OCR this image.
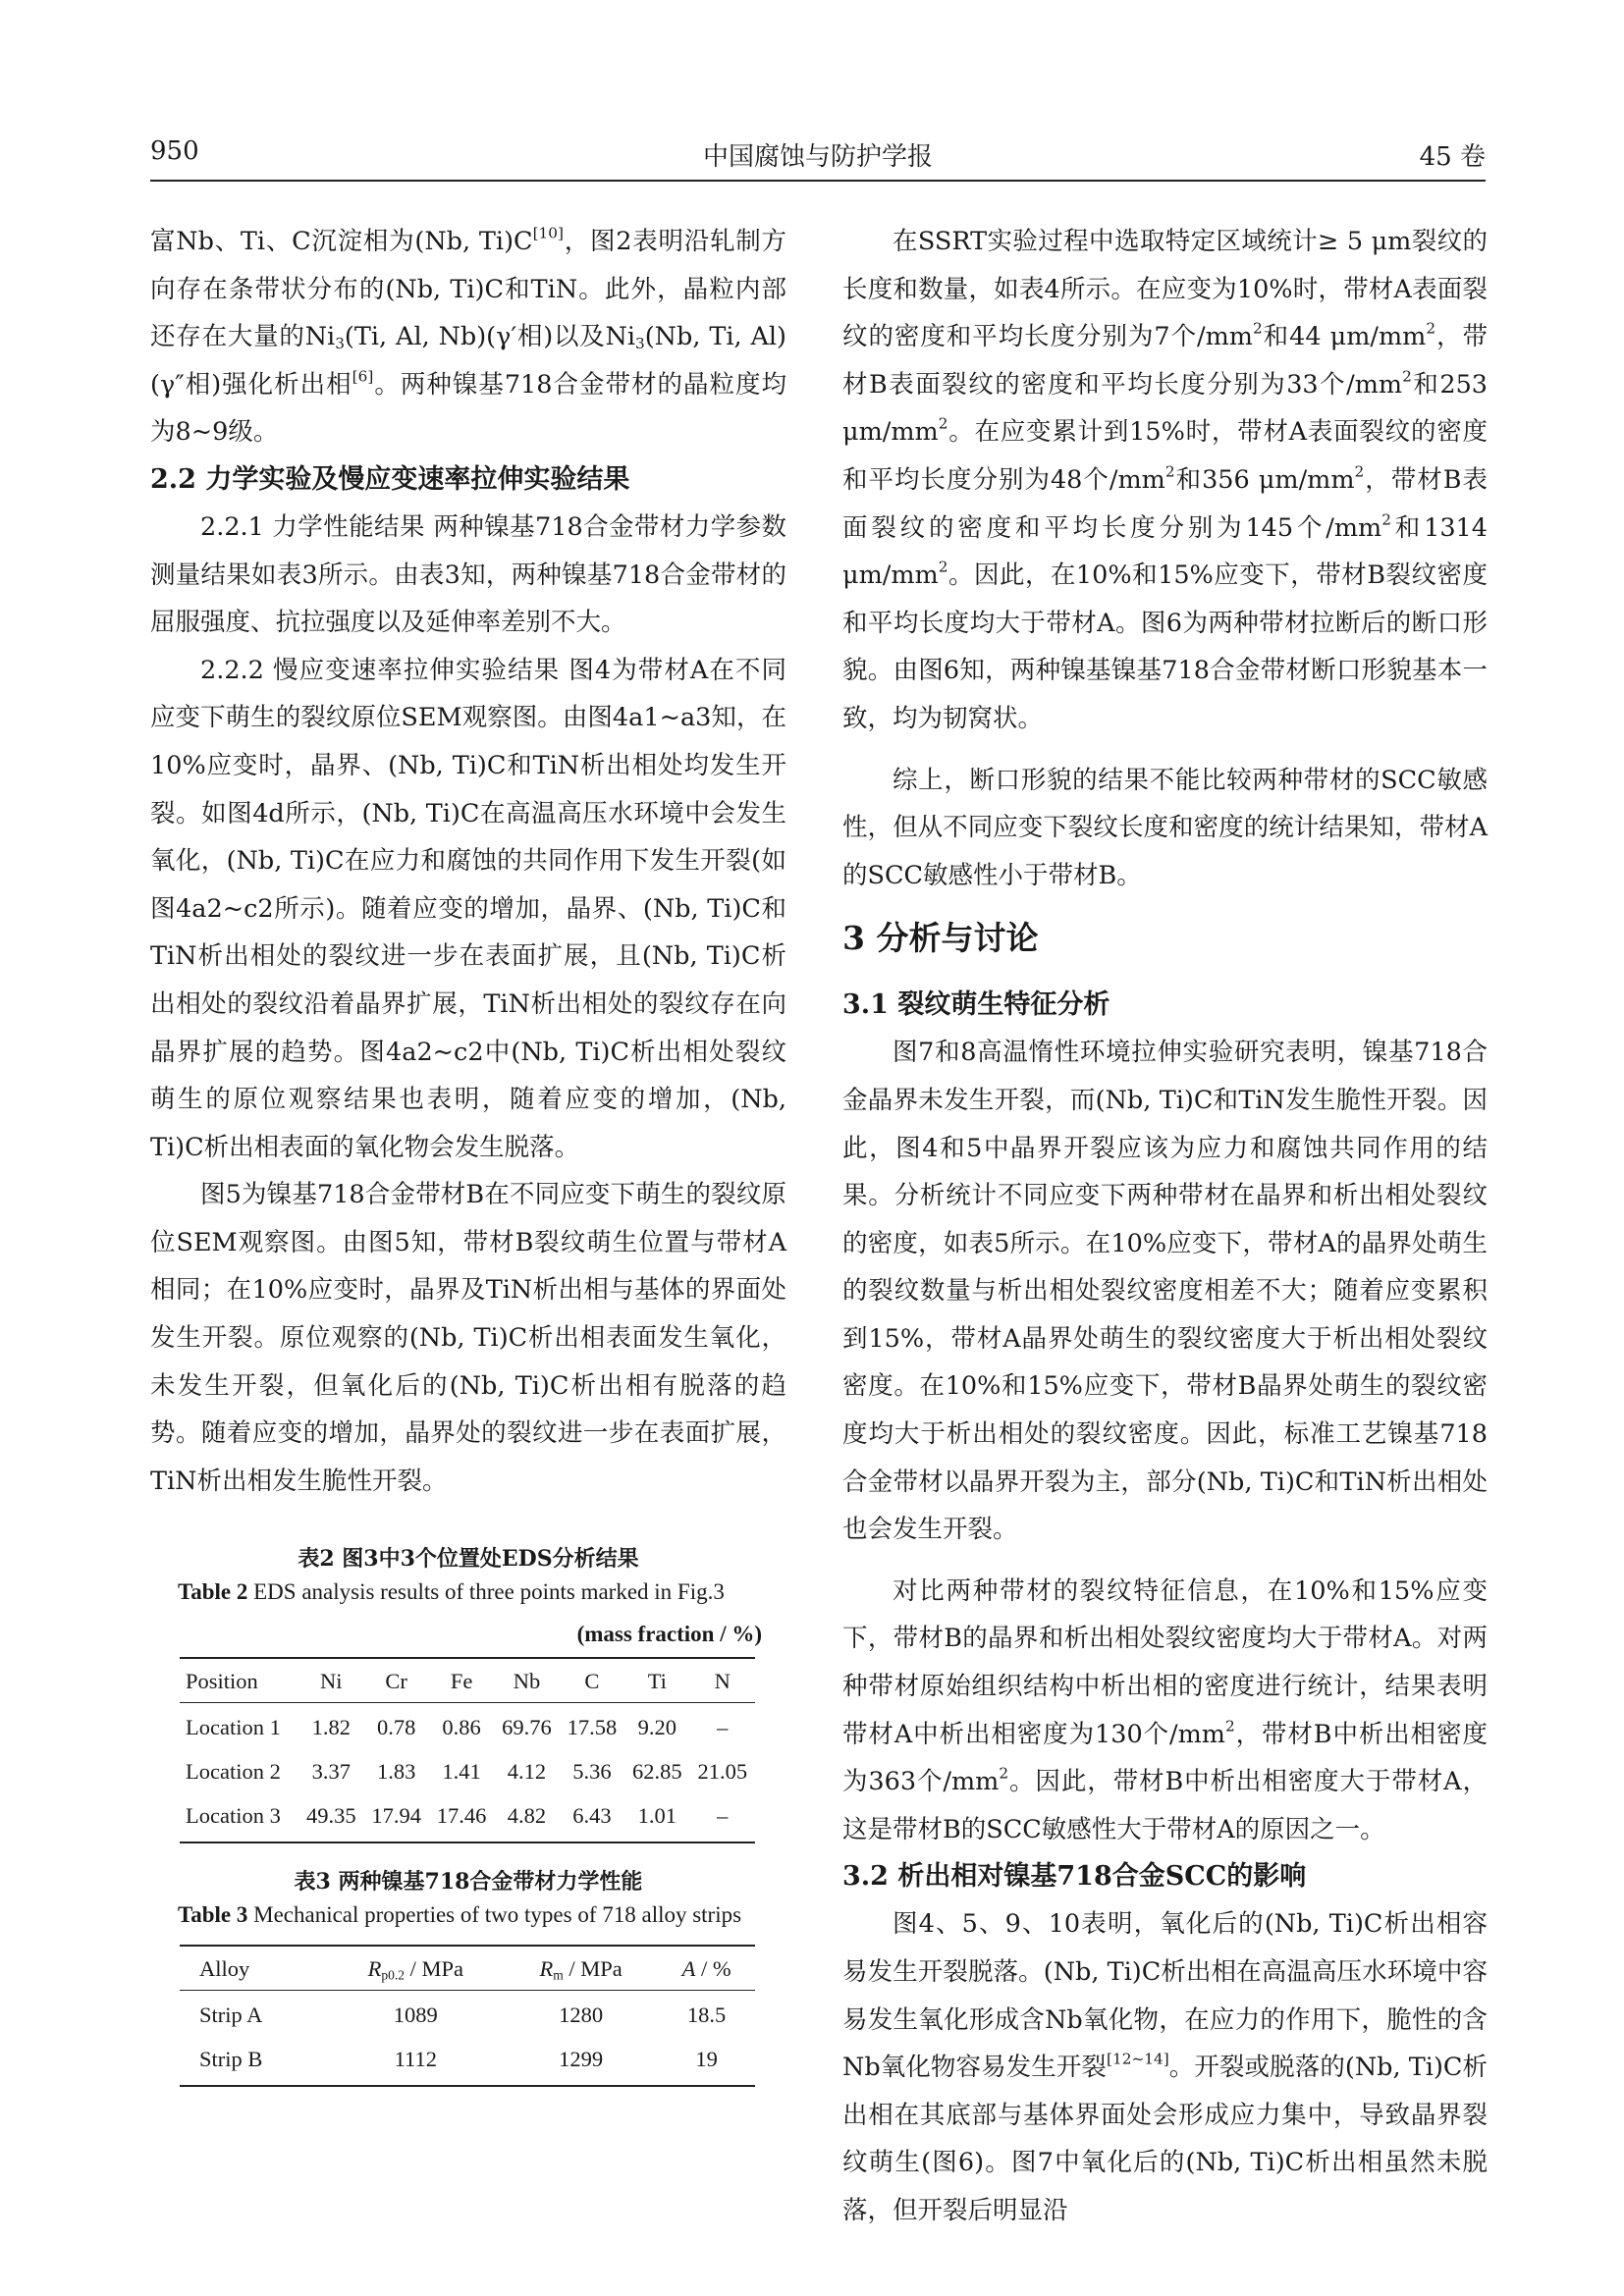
950	中国腐蚀与防护学报	45 卷

富Nb、Ti、C沉淀相为(Nb, Ti)C[10]，图2表明沿轧制方向存在条带状分布的(Nb, Ti)C和TiN。此外，晶粒内部还存在大量的$Ni_3(Ti$, Al, Nb)(γ′相)以及$Ni_3(Nb$, Ti, Al)(γ″相)强化析出相[6]。两种镍基718合金带材的晶粒度均为8~9级。

2.2 力学实验及慢应变速率拉伸实验结果

2.2.1 力学性能结果 两种镍基718合金带材力学参数测量结果如表3所示。由表3知，两种镍基718合金带材的屈服强度、抗拉强度以及延伸率差别不大。

2.2.2 慢应变速率拉伸实验结果 图4为带材A在不同应变下萌生的裂纹原位SEM观察图。由图4a1~a3知，在10%应变时，晶界、(Nb, Ti)C和TiN析出相处均发生开裂。如图4d所示，(Nb, Ti)C在高温高压水环境中会发生氧化，(Nb, Ti)C在应力和腐蚀的共同作用下发生开裂(如图4a2~c2所示)。随着应变的增加，晶界、(Nb, Ti)C和TiN析出相处的裂纹进一步在表面扩展，且(Nb, Ti)C析出相处的裂纹沿着晶界扩展，TiN析出相处的裂纹存在向晶界扩展的趋势。图4a2~c2中(Nb, Ti)C析出相处裂纹萌生的原位观察结果也表明，随着应变的增加，(Nb, Ti)C析出相表面的氧化物会发生脱落。

图5为镍基718合金带材B在不同应变下萌生的裂纹原位SEM观察图。由图5知，带材B裂纹萌生位置与带材A相同；在10%应变时，晶界及TiN析出相与基体的界面处发生开裂。原位观察的(Nb, Ti)C析出相表面发生氧化，未发生开裂，但氧化后的(Nb, Ti)C析出相有脱落的趋势。随着应变的增加，晶界处的裂纹进一步在表面扩展，TiN析出相发生脆性开裂。

表2 图3中3个位置处EDS分析结果

Table 2 EDS analysis results of three points marked in Fig.3

(mass fraction / %)
Position	Ni	Cr	Fe	Nb	C	Ti	N
Location 1	1.82	0.78	0.86	69.76	17.58	9.20	–
Location 2	3.37	1.83	1.41	4.12	5.36	62.85	21.05
Location 3	49.35	17.94	17.46	4.82	6.43	1.01	–

表3 两种镍基718合金带材力学性能

Table 3 Mechanical properties of two types of 718 alloy strips

Alloy	$R_{p0.2}$ / MPa	$R_m$ / MPa	A / %
Strip A	1089	1280	18.5
Strip B	1112	1299	19

在SSRT实验过程中选取特定区域统计≥ 5 μm裂纹的长度和数量，如表4所示。在应变为10%时，带材A表面裂纹的密度和平均长度分别为7个$/mm^2$和44 $\mu m/mm^2$，带材B表面裂纹的密度和平均长度分别为33个$/mm^2$和253 $\mu m/mm^2$。在应变累计到15%时，带材A表面裂纹的密度和平均长度分别为48个$/mm^2$和356 $\mu m/mm^2$，带材B表面裂纹的密度和平均长度分别为145个$/mm^2$和1314 $\mu m/mm^2$。因此，在10%和15%应变下，带材B裂纹密度和平均长度均大于带材A。图6为两种带材拉断后的断口形貌。由图6知，两种镍基镍基718合金带材断口形貌基本一致，均为韧窝状。

综上，断口形貌的结果不能比较两种带材的SCC敏感性，但从不同应变下裂纹长度和密度的统计结果知，带材A的SCC敏感性小于带材B。

3 分析与讨论
3.1 裂纹萌生特征分析

图7和8高温惰性环境拉伸实验研究表明，镍基718合金晶界未发生开裂，而(Nb, Ti)C和TiN发生脆性开裂。因此，图4和5中晶界开裂应该为应力和腐蚀共同作用的结果。分析统计不同应变下两种带材在晶界和析出相处裂纹的密度，如表5所示。在10%应变下，带材A的晶界处萌生的裂纹数量与析出相处裂纹密度相差不大；随着应变累积到15%，带材A晶界处萌生的裂纹密度大于析出相处裂纹密度。在10%和15%应变下，带材B晶界处萌生的裂纹密度均大于析出相处的裂纹密度。因此，标准工艺镍基718合金带材以晶界开裂为主，部分(Nb, Ti)C和TiN析出相处也会发生开裂。

对比两种带材的裂纹特征信息，在10%和15%应变下，带材B的晶界和析出相处裂纹密度均大于带材A。对两种带材原始组织结构中析出相的密度进行统计，结果表明带材A中析出相密度为130个$/mm^2$，带材B中析出相密度为363个$/mm^2$。因此，带材B中析出相密度大于带材A，这是带材B的SCC敏感性大于带材A的原因之一。

3.2 析出相对镍基718合金SCC的影响

图4、5、9、10表明，氧化后的(Nb, Ti)C析出相容易发生开裂脱落。(Nb, Ti)C析出相在高温高压水环境中容易发生氧化形成含Nb氧化物，在应力的作用下，脆性的含Nb氧化物容易发生开裂[12~14]。开裂或脱落的(Nb, Ti)C析出相在其底部与基体界面处会形成应力集中，导致晶界裂纹萌生(图6)。图7中氧化后的(Nb, Ti)C析出相虽然未脱落，但开裂后明显沿
